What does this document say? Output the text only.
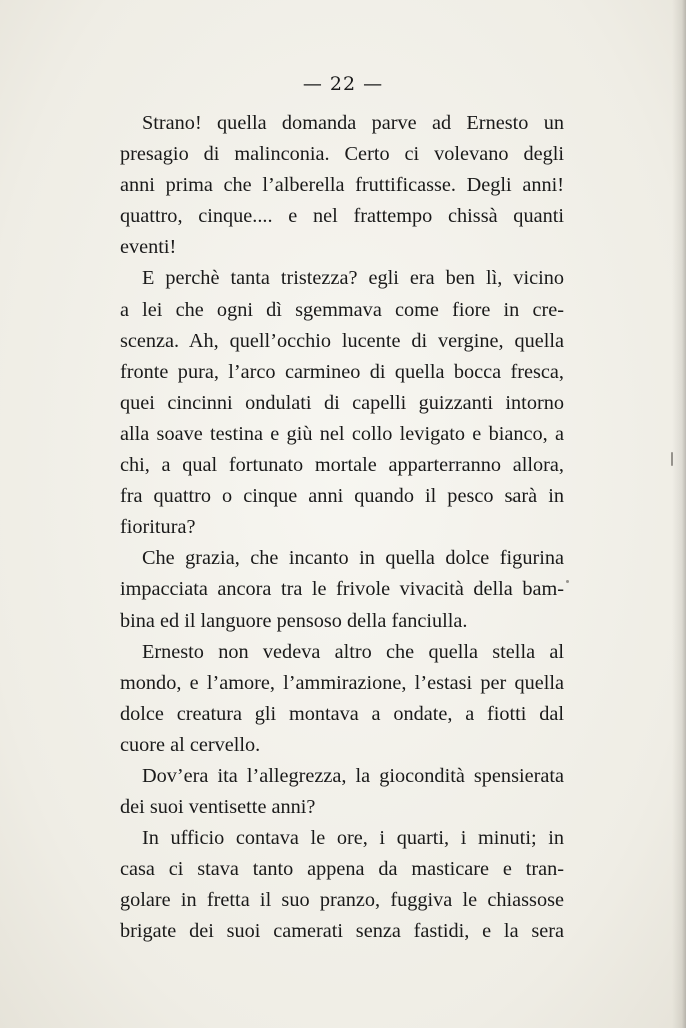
— 22 —
Strano! quella domanda parve ad Ernesto un
presagio di malinconia. Certo ci volevano degli
anni prima che l’alberella fruttificasse. Degli anni!
quattro, cinque.... e nel frattempo chissà quanti
eventi!
E perchè tanta tristezza? egli era ben lì, vicino
a lei che ogni dì sgemmava come fiore in cre-
scenza. Ah, quell’occhio lucente di vergine, quella
fronte pura, l’arco carmineo di quella bocca fresca,
quei cincinni ondulati di capelli guizzanti intorno
alla soave testina e giù nel collo levigato e bianco, a
chi, a qual fortunato mortale apparterranno allora,
fra quattro o cinque anni quando il pesco sarà in
fioritura?
Che grazia, che incanto in quella dolce figurina
impacciata ancora tra le frivole vivacità della bam-
bina ed il languore pensoso della fanciulla.
Ernesto non vedeva altro che quella stella al
mondo, e l’amore, l’ammirazione, l’estasi per quella
dolce creatura gli montava a ondate, a fiotti dal
cuore al cervello.
Dov’era ita l’allegrezza, la giocondità spensierata
dei suoi ventisette anni?
In ufficio contava le ore, i quarti, i minuti; in
casa ci stava tanto appena da masticare e tran-
golare in fretta il suo pranzo, fuggiva le chiassose
brigate dei suoi camerati senza fastidi, e la sera
